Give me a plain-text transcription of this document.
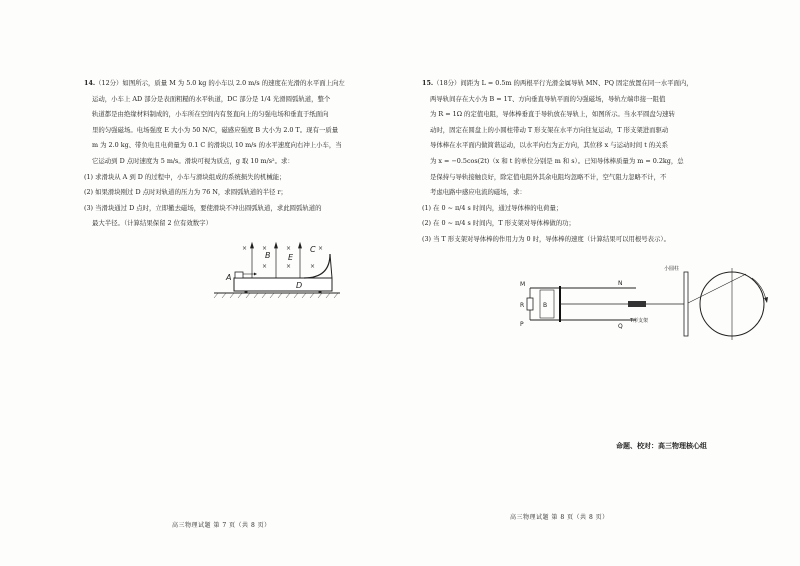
14.（12分）如图所示，质量 M 为 5.0 kg 的小车以 2.0 m/s 的速度在光滑的水平面上向左

运动，小车上 AD 部分是表面粗糙的水平轨道，DC 部分是 1/4 光滑圆弧轨道，整个

轨道都是由绝缘材料制成的，小车所在空间内有竖直向上的匀强电场和垂直于纸面向

里的匀强磁场。电场强度 E 大小为 50 N/C，磁感应强度 B 大小为 2.0 T。现有一质量

m 为 2.0 kg、带负电且电荷量为 0.1 C 的滑块以 10 m/s 的水平速度向右冲上小车，当

它运动到 D 点时速度为 5 m/s。滑块可视为质点，g 取 10 m/s²。求：

(1) 求滑块从 A 到 D 的过程中，小车与滑块组成的系统损失的机械能；

(2) 如果滑块刚过 D 点时对轨道的压力为 76 N，求圆弧轨道的半径 r；

(3) 当滑块通过 D 点时，立即撤去磁场，要使滑块不冲出圆弧轨道，求此圆弧轨道的

最大半径。（计算结果保留 2 位有效数字）

A
B E
C
D
× ×	×	×
×	×	×
高三物理试题 第 7 页（共 8 页）

15.（18分）间距为 L = 0.5m 的两根平行光滑金属导轨 MN、PQ 固定放置在同一水平面内，

两导轨间存在大小为 B = 1T、方向垂直导轨平面的匀强磁场，导轨左端串接一阻值

为 R = 1Ω 的定值电阻，导体棒垂直于导轨放在导轨上，如图所示。当水平圆盘匀速转

动时，固定在圆盘上的小圆柱带动 T 形支架在水平方向往复运动，T 形支架进而驱动

导体棒在水平面内做简谐运动，以水平向右为正方向，其位移 x 与运动时间 t 的关系

为 x = −0.5cos(2t)（x 和 t 的单位分别是 m 和 s）。已知导体棒质量为 m = 0.2kg，总

是保持与导轨接触良好，除定值电阻外其余电阻均忽略不计，空气阻力忽略不计，不

考虑电路中感应电流的磁场，求：

(1) 在 0 ~ π/4 s 时间内，通过导体棒的电荷量；

(2) 在 0 ~ π/4 s 时间内，T 形支架对导体棒做的功；

(3) 当 T 形支架对导体棒的作用力为 0 时，导体棒的速度（计算结果可以用根号表示）。

M	N
P	Q
R	B
T形支架
小圆柱
命题、校对：高三物理核心组
高三物理试题 第 8 页（共 8 页）
